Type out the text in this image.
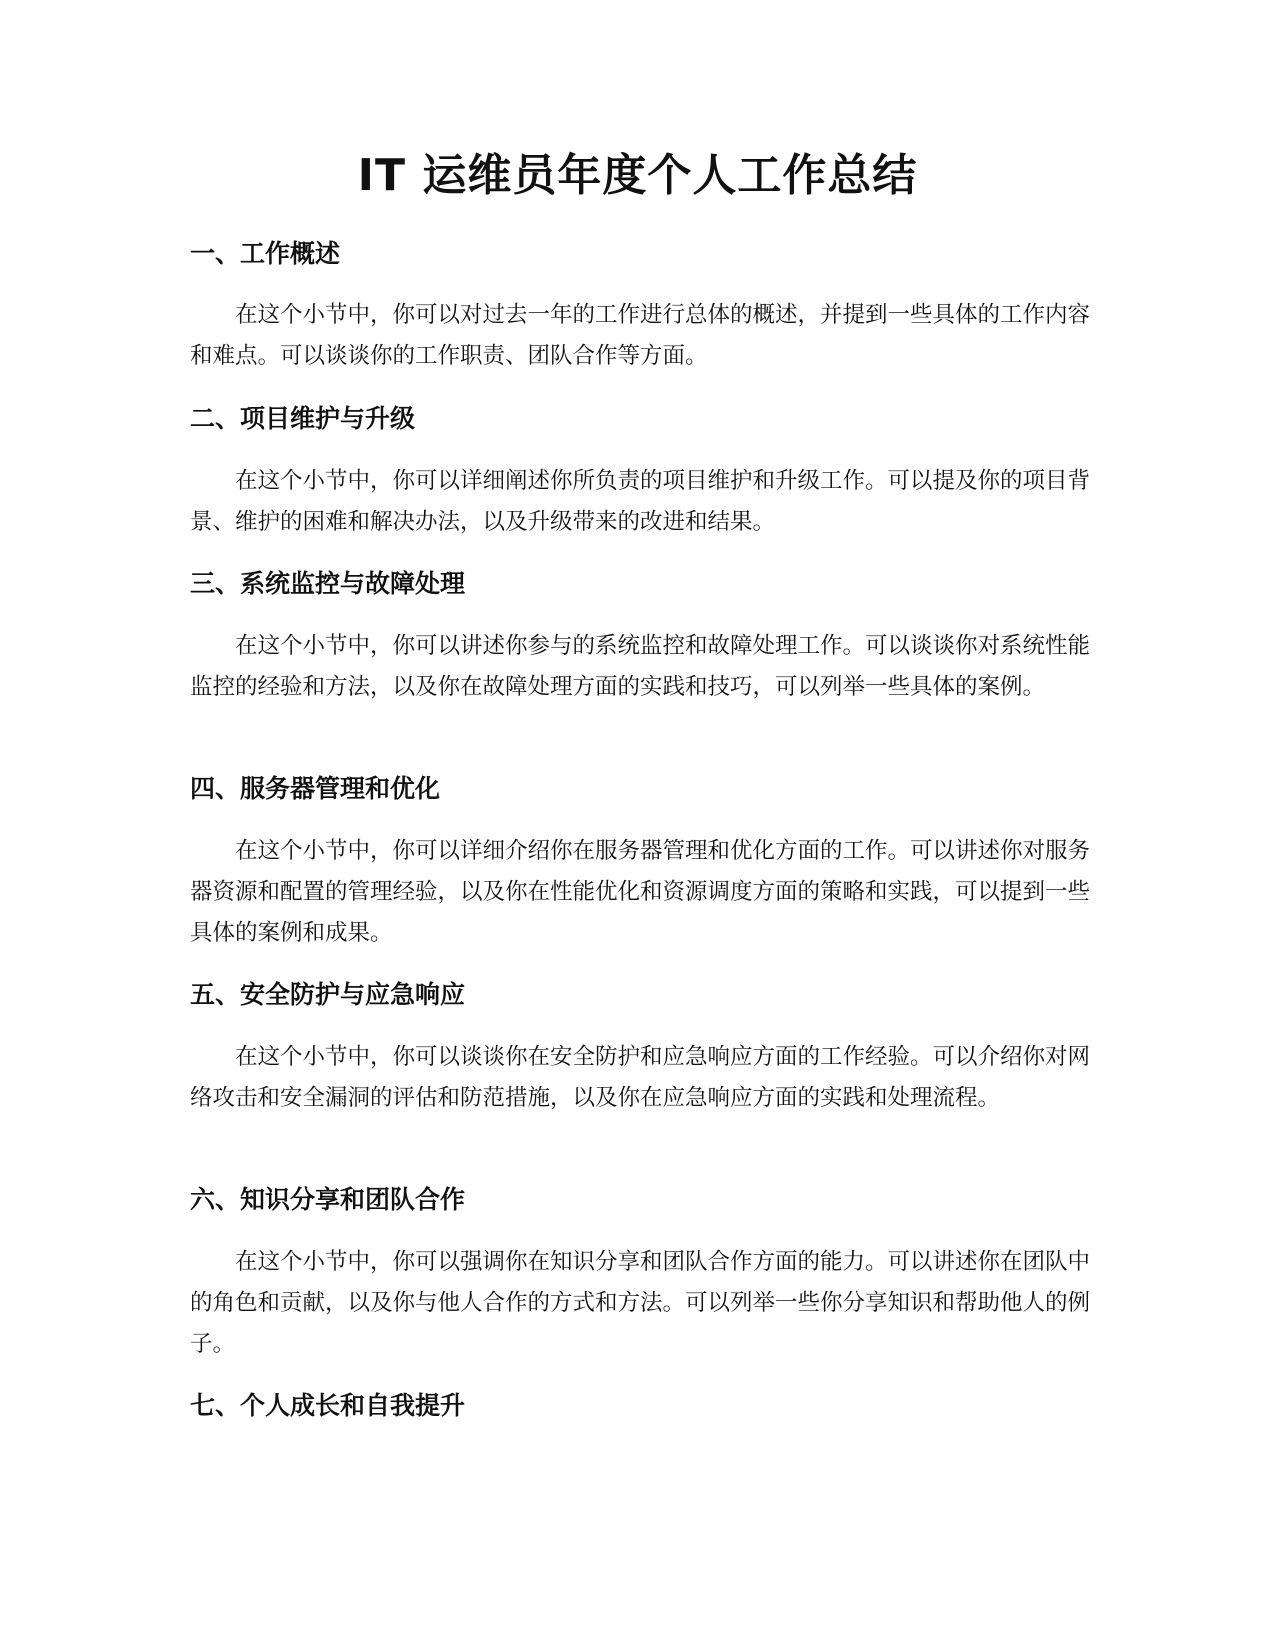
IT 运维员年度个人工作总结
一、工作概述

在这个小节中，你可以对过去一年的工作进行总体的概述，并提到一些具体的工作内容和难点。可以谈谈你的工作职责、团队合作等方面。

二、项目维护与升级

在这个小节中，你可以详细阐述你所负责的项目维护和升级工作。可以提及你的项目背景、维护的困难和解决办法，以及升级带来的改进和结果。

三、系统监控与故障处理

在这个小节中，你可以讲述你参与的系统监控和故障处理工作。可以谈谈你对系统性能监控的经验和方法，以及你在故障处理方面的实践和技巧，可以列举一些具体的案例。

四、服务器管理和优化

在这个小节中，你可以详细介绍你在服务器管理和优化方面的工作。可以讲述你对服务器资源和配置的管理经验，以及你在性能优化和资源调度方面的策略和实践，可以提到一些具体的案例和成果。

五、安全防护与应急响应

在这个小节中，你可以谈谈你在安全防护和应急响应方面的工作经验。可以介绍你对网络攻击和安全漏洞的评估和防范措施，以及你在应急响应方面的实践和处理流程。

六、知识分享和团队合作

在这个小节中，你可以强调你在知识分享和团队合作方面的能力。可以讲述你在团队中的角色和贡献，以及你与他人合作的方式和方法。可以列举一些你分享知识和帮助他人的例子。

七、个人成长和自我提升
